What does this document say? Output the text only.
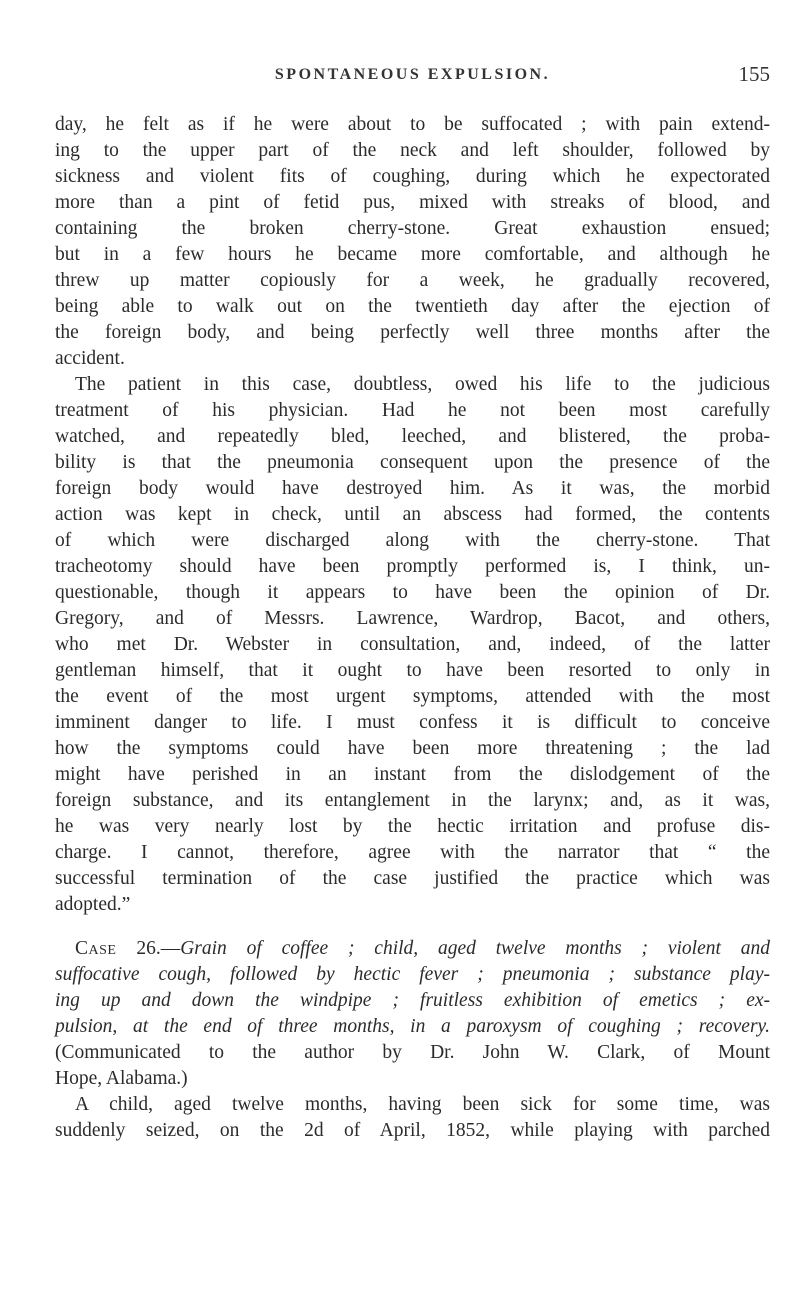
SPONTANEOUS EXPULSION.	155
day, he felt as if he were about to be suffocated ; with pain extend-
ing to the upper part of the neck and left shoulder, followed by
sickness and violent fits of coughing, during which he expectorated
more than a pint of fetid pus, mixed with streaks of blood, and
containing the broken cherry-stone. Great exhaustion ensued;
but in a few hours he became more comfortable, and although he
threw up matter copiously for a week, he gradually recovered,
being able to walk out on the twentieth day after the ejection of
the foreign body, and being perfectly well three months after the
accident.
The patient in this case, doubtless, owed his life to the judicious
treatment of his physician. Had he not been most carefully
watched, and repeatedly bled, leeched, and blistered, the proba-
bility is that the pneumonia consequent upon the presence of the
foreign body would have destroyed him. As it was, the morbid
action was kept in check, until an abscess had formed, the contents
of which were discharged along with the cherry-stone. That
tracheotomy should have been promptly performed is, I think, un-
questionable, though it appears to have been the opinion of Dr.
Gregory, and of Messrs. Lawrence, Wardrop, Bacot, and others,
who met Dr. Webster in consultation, and, indeed, of the latter
gentleman himself, that it ought to have been resorted to only in
the event of the most urgent symptoms, attended with the most
imminent danger to life. I must confess it is difficult to conceive
how the symptoms could have been more threatening ; the lad
might have perished in an instant from the dislodgement of the
foreign substance, and its entanglement in the larynx; and, as it was,
he was very nearly lost by the hectic irritation and profuse dis-
charge. I cannot, therefore, agree with the narrator that “ the
successful termination of the case justified the practice which was
adopted.”
Case 26.—Grain of coffee ; child, aged twelve months ; violent and
suffocative cough, followed by hectic fever ; pneumonia ; substance play-
ing up and down the windpipe ; fruitless exhibition of emetics ; ex-
pulsion, at the end of three months, in a paroxysm of coughing ; recovery.
(Communicated to the author by Dr. John W. Clark, of Mount
Hope, Alabama.)
A child, aged twelve months, having been sick for some time, was
suddenly seized, on the 2d of April, 1852, while playing with parched
